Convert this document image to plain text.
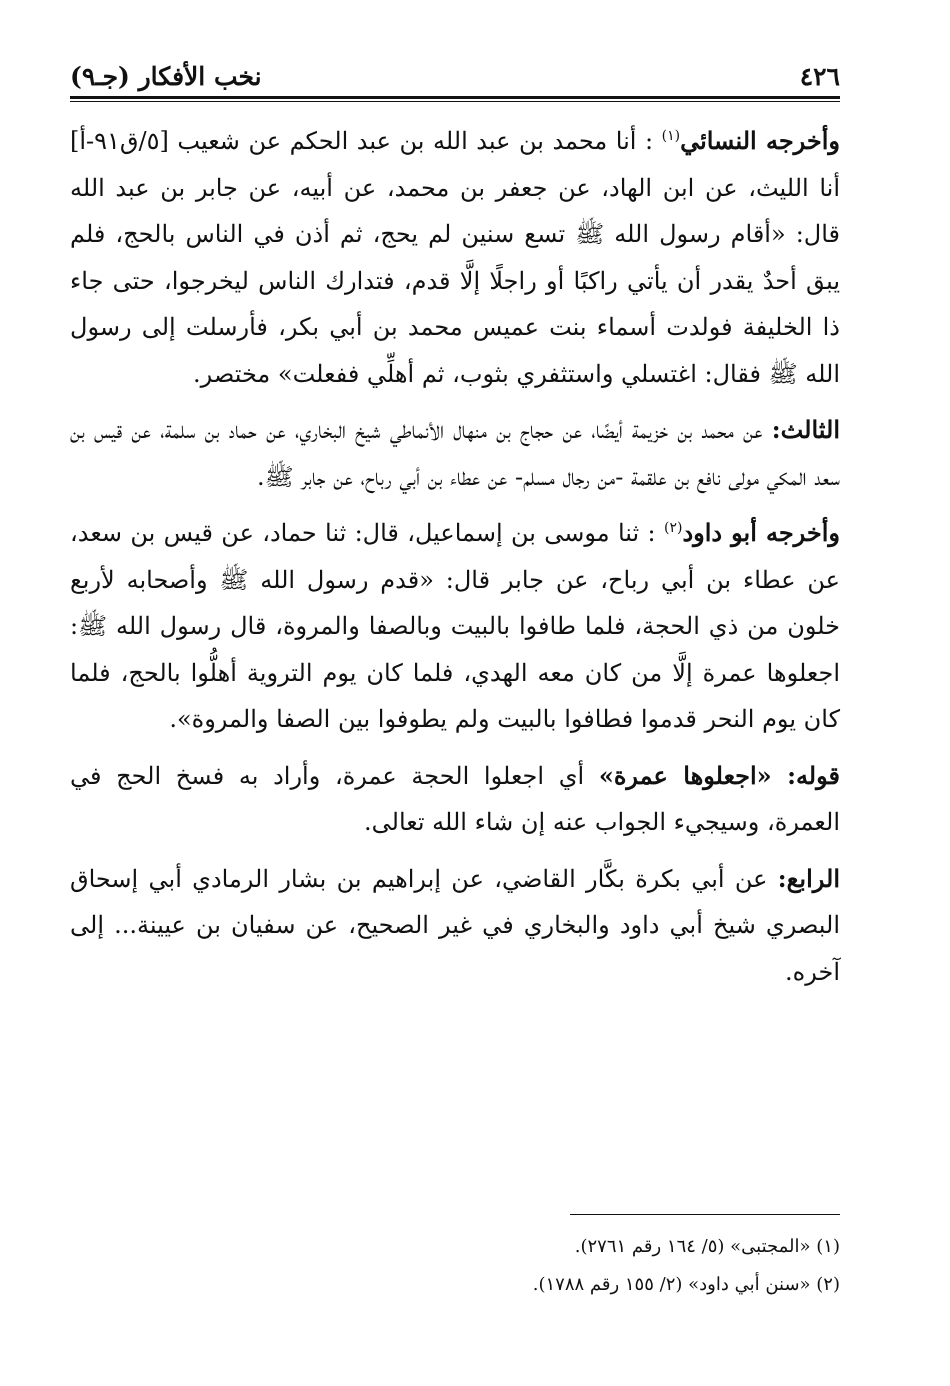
٤٢٦
نخب الأفكار (جـ٩)

وأخرجه النسائي$^{(١)}$ : أنا محمد بن عبد الله بن عبد الحكم عن شعيب [٥/ق٩١-أ] أنا الليث، عن ابن الهاد، عن جعفر بن محمد، عن أبيه، عن جابر بن عبد الله قال: «أقام رسول الله ﷺ تسع سنين لم يحج، ثم أذن في الناس بالحج، فلم يبق أحدٌ يقدر أن يأتي راكبًا أو راجلًا إلَّا قدم، فتدارك الناس ليخرجوا، حتى جاء ذا الخليفة فولدت أسماء بنت عميس محمد بن أبي بكر، فأرسلت إلى رسول الله ﷺ فقال: اغتسلي واستثفري بثوب، ثم أهلِّي ففعلت» مختصر.

الثالث: عن محمد بن خزيمة أيضًا، عن حجاج بن منهال الأنماطي شيخ البخاري، عن حماد بن سلمة، عن قيس بن سعد المكي مولى نافع بن علقمة -من رجال مسلم- عن عطاء بن أبي رباح، عن جابر ﷺ.

وأخرجه أبو داود$^{(٢)}$ : ثنا موسى بن إسماعيل، قال: ثنا حماد، عن قيس بن سعد، عن عطاء بن أبي رباح، عن جابر قال: «قدم رسول الله ﷺ وأصحابه لأربع خلون من ذي الحجة، فلما طافوا بالبيت وبالصفا والمروة، قال رسول الله ﷺ: اجعلوها عمرة إلَّا من كان معه الهدي، فلما كان يوم التروية أهلُّوا بالحج، فلما كان يوم النحر قدموا فطافوا بالبيت ولم يطوفوا بين الصفا والمروة».

قوله: «اجعلوها عمرة» أي اجعلوا الحجة عمرة، وأراد به فسخ الحج في العمرة، وسيجيء الجواب عنه إن شاء الله تعالى.

الرابع: عن أبي بكرة بكَّار القاضي، عن إبراهيم بن بشار الرمادي أبي إسحاق البصري شيخ أبي داود والبخاري في غير الصحيح، عن سفيان بن عيينة... إلى آخره.

(١) «المجتبى» (٥/ ١٦٤ رقم ٢٧٦١).
(٢) «سنن أبي داود» (٢/ ١٥٥ رقم ١٧٨٨).
